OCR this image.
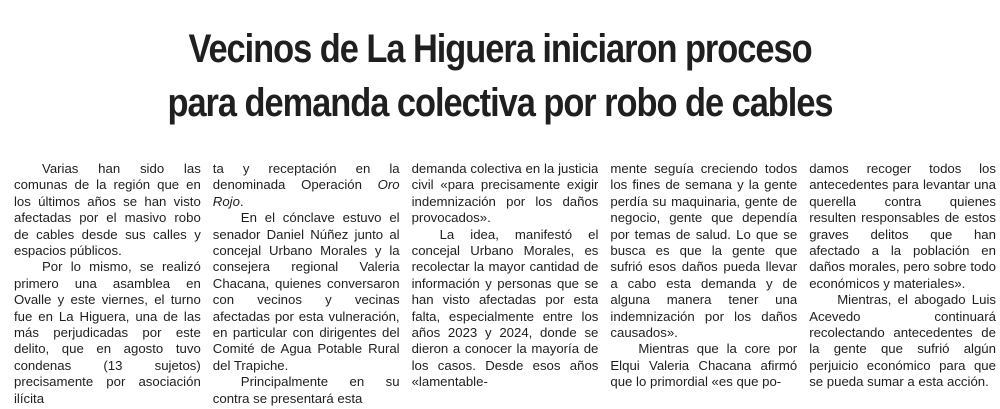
Vecinos de La Higuera iniciaron proceso
para demanda colectiva por robo de cables

Varias han sido las comunas de la región que en los últimos años se han visto afectadas por el masivo robo de cables desde sus calles y espacios públicos.

Por lo mismo, se realizó primero una asamblea en Ovalle y este viernes, el turno fue en La Higuera, una de las más perjudicadas por este delito, que en agosto tuvo condenas (13 sujetos) precisamente por asociación ilícita

ta y receptación en la denominada Operación Oro Rojo.

En el cónclave estuvo el senador Daniel Núñez junto al concejal Urbano Morales y la consejera regional Valeria Chacana, quienes conversaron con vecinos y vecinas afectadas por esta vulneración, en particular con dirigentes del Comité de Agua Potable Rural del Trapiche.

Principalmente en su contra se presentará esta

demanda colectiva en la justicia civil «para precisamente exigir indemnización por los daños provocados».

La idea, manifestó el concejal Urbano Morales, es recolectar la mayor cantidad de información y personas que se han visto afectadas por esta falta, especialmente entre los años 2023 y 2024, donde se dieron a conocer la mayoría de los casos. Desde esos años «lamentable-

mente seguía creciendo todos los fines de semana y la gente perdía su maquinaria, gente de negocio, gente que dependía por temas de salud. Lo que se busca es que la gente que sufrió esos daños pueda llevar a cabo esta demanda y de alguna manera tener una indemnización por los daños causados».

Mientras que la core por Elqui Valeria Chacana afirmó que lo primordial «es que po-

damos recoger todos los antecedentes para levantar una querella contra quienes resulten responsables de estos graves delitos que han afectado a la población en daños morales, pero sobre todo económicos y materiales».

Mientras, el abogado Luis Acevedo continuará recolectando antecedentes de la gente que sufrió algún perjuicio económico para que se pueda sumar a esta acción.
